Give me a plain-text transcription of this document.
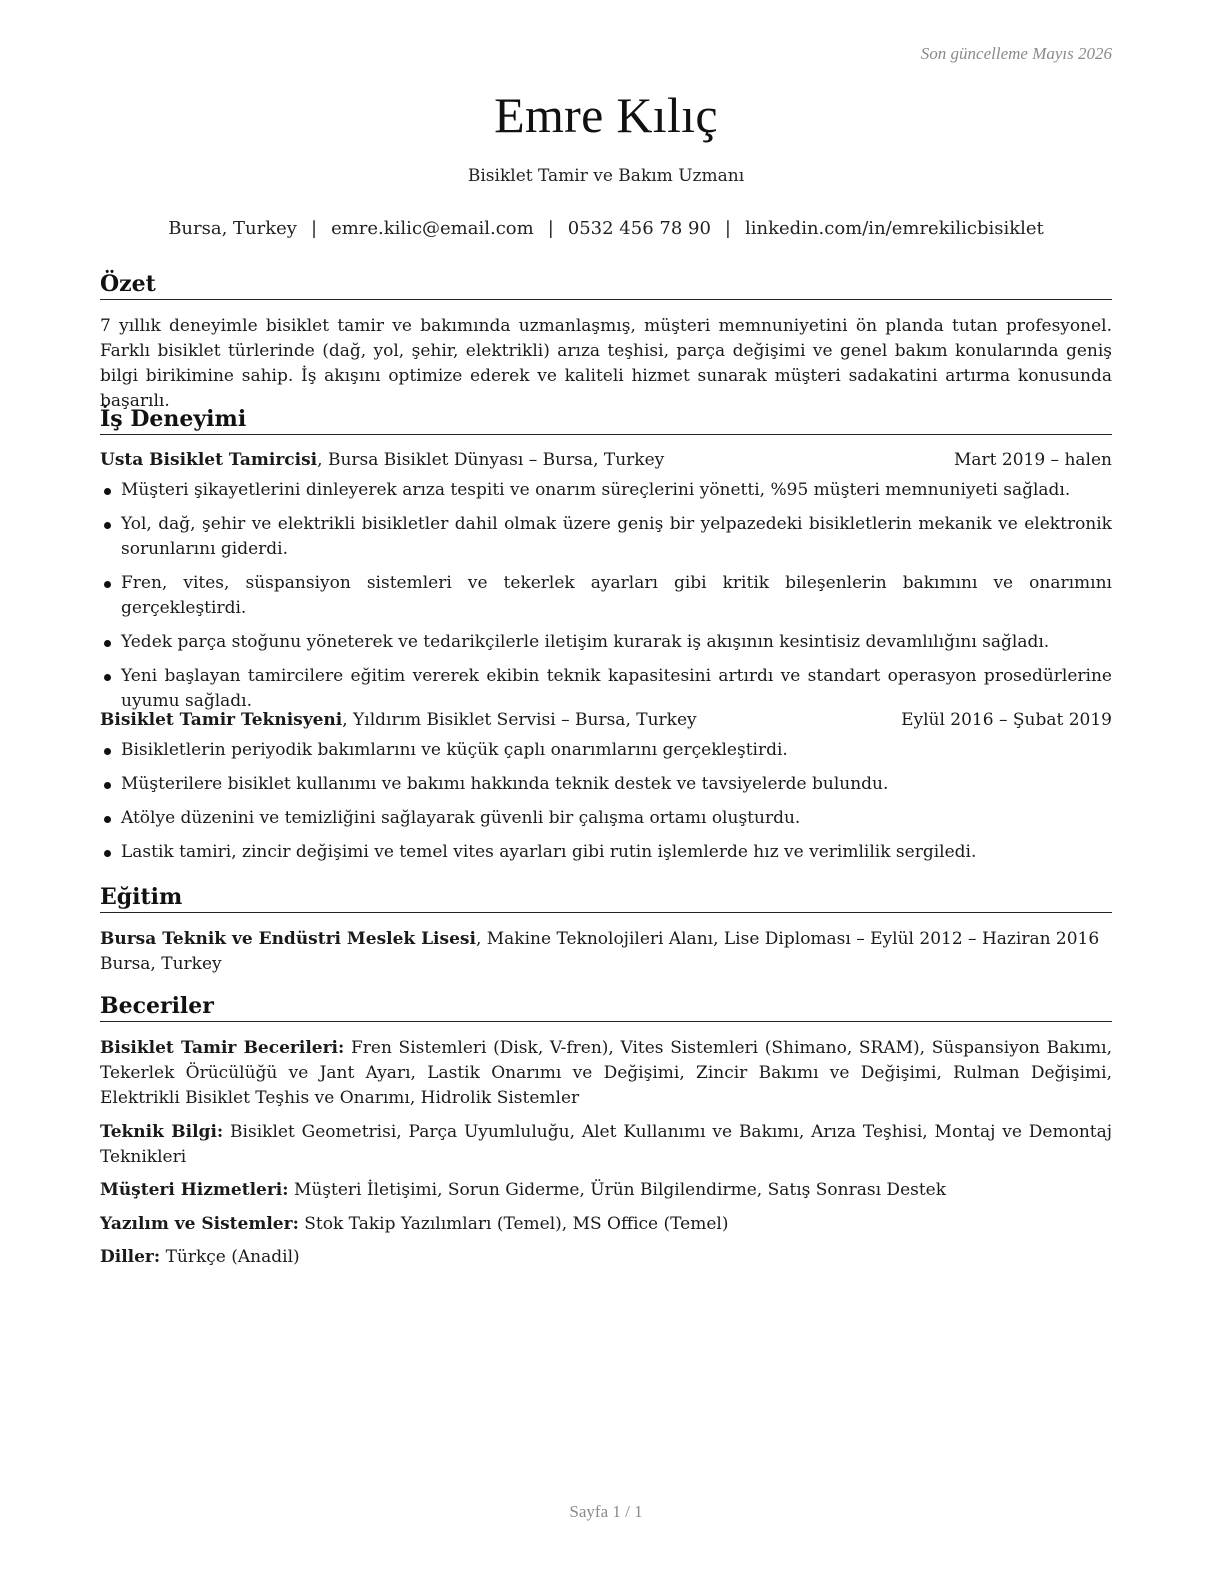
Son güncelleme Mayıs 2026
Emre Kılıç
Bisiklet Tamir ve Bakım Uzmanı
Bursa, Turkey | emre.kilic@email.com | 0532 456 78 90 | linkedin.com/in/emrekilicbisiklet
Özet
7 yıllık deneyimle bisiklet tamir ve bakımında uzmanlaşmış, müşteri memnuniyetini ön planda tutan profesyonel. Farklı bisiklet türlerinde (dağ, yol, şehir, elektrikli) arıza teşhisi, parça değişimi ve genel bakım konularında geniş bilgi birikimine sahip. İş akışını optimize ederek ve kaliteli hizmet sunarak müşteri sadakatini artırma konusunda başarılı.
İş Deneyimi
Usta Bisiklet Tamircisi, Bursa Bisiklet Dünyası – Bursa, Turkey	Mart 2019 – halen
Müşteri şikayetlerini dinleyerek arıza tespiti ve onarım süreçlerini yönetti, %95 müşteri memnuniyeti sağladı.
Yol, dağ, şehir ve elektrikli bisikletler dahil olmak üzere geniş bir yelpazedeki bisikletlerin mekanik ve elektronik sorunlarını giderdi.
Fren, vites, süspansiyon sistemleri ve tekerlek ayarları gibi kritik bileşenlerin bakımını ve onarımını gerçekleştirdi.
Yedek parça stoğunu yöneterek ve tedarikçilerle iletişim kurarak iş akışının kesintisiz devamlılığını sağladı.
Yeni başlayan tamircilere eğitim vererek ekibin teknik kapasitesini artırdı ve standart operasyon prosedürlerine uyumu sağladı.
Bisiklet Tamir Teknisyeni, Yıldırım Bisiklet Servisi – Bursa, Turkey	Eylül 2016 – Şubat 2019
Bisikletlerin periyodik bakımlarını ve küçük çaplı onarımlarını gerçekleştirdi.
Müşterilere bisiklet kullanımı ve bakımı hakkında teknik destek ve tavsiyelerde bulundu.
Atölye düzenini ve temizliğini sağlayarak güvenli bir çalışma ortamı oluşturdu.
Lastik tamiri, zincir değişimi ve temel vites ayarları gibi rutin işlemlerde hız ve verimlilik sergiledi.
Eğitim
Bursa Teknik ve Endüstri Meslek Lisesi, Makine Teknolojileri Alanı, Lise Diploması – Eylül 2012 – Haziran 2016
Bursa, Turkey
Beceriler
Bisiklet Tamir Becerileri: Fren Sistemleri (Disk, V-fren), Vites Sistemleri (Shimano, SRAM), Süspansiyon Bakımı, Tekerlek Örücülüğü ve Jant Ayarı, Lastik Onarımı ve Değişimi, Zincir Bakımı ve Değişimi, Rulman Değişimi, Elektrikli Bisiklet Teşhis ve Onarımı, Hidrolik Sistemler
Teknik Bilgi: Bisiklet Geometrisi, Parça Uyumluluğu, Alet Kullanımı ve Bakımı, Arıza Teşhisi, Montaj ve Demontaj Teknikleri
Müşteri Hizmetleri: Müşteri İletişimi, Sorun Giderme, Ürün Bilgilendirme, Satış Sonrası Destek
Yazılım ve Sistemler: Stok Takip Yazılımları (Temel), MS Office (Temel)
Diller: Türkçe (Anadil)
Sayfa 1 / 1
